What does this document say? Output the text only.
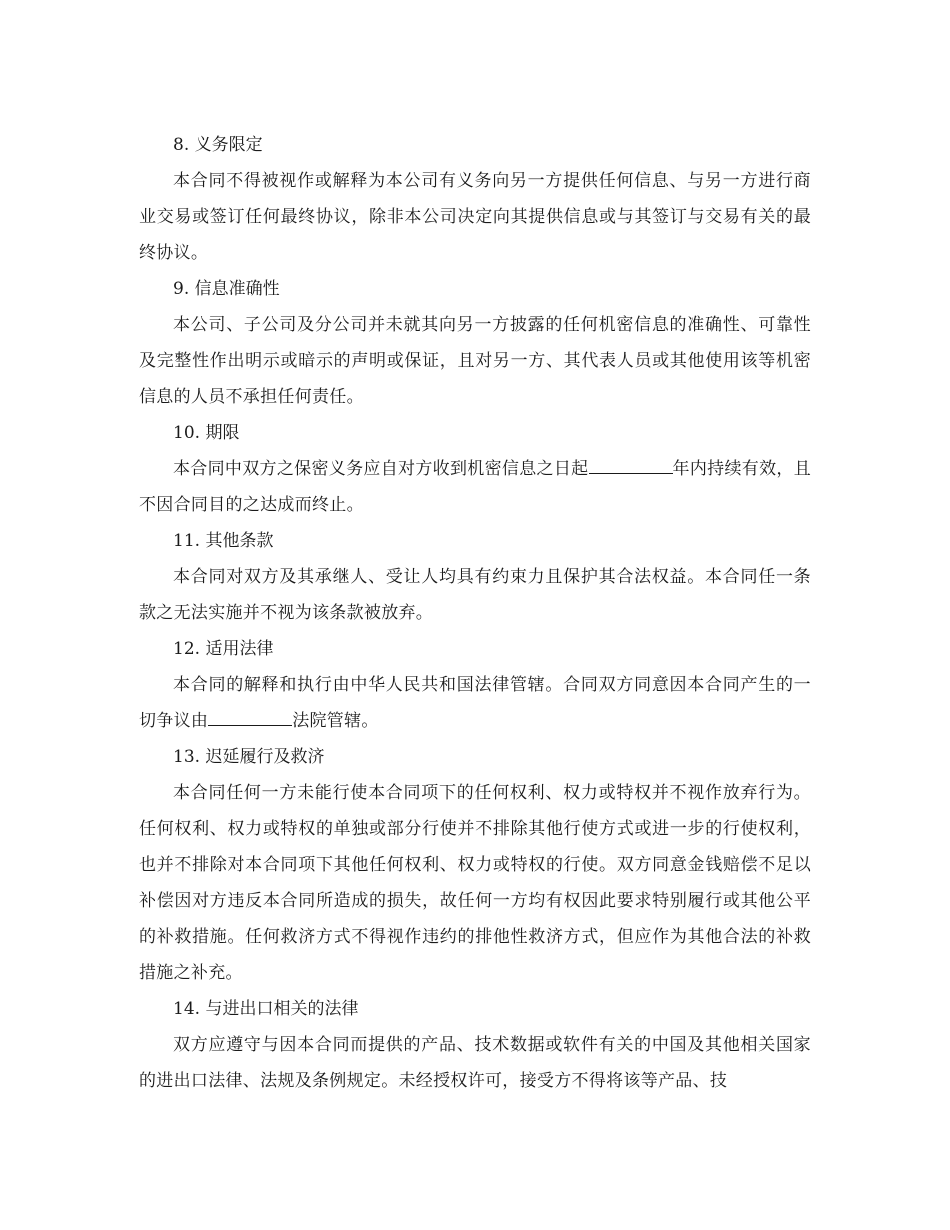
8. 义务限定

本合同不得被视作或解释为本公司有义务向另一方提供任何信息、与另一方进行商业交易或签订任何最终协议，除非本公司决定向其提供信息或与其签订与交易有关的最终协议。

9. 信息准确性

本公司、子公司及分公司并未就其向另一方披露的任何机密信息的准确性、可靠性及完整性作出明示或暗示的声明或保证，且对另一方、其代表人员或其他使用该等机密信息的人员不承担任何责任。

10. 期限

本合同中双方之保密义务应自对方收到机密信息之日起	年内持续有效，且不因合同目的之达成而终止。

11. 其他条款

本合同对双方及其承继人、受让人均具有约束力且保护其合法权益。本合同任一条款之无法实施并不视为该条款被放弃。

12. 适用法律

本合同的解释和执行由中华人民共和国法律管辖。合同双方同意因本合同产生的一切争议由	法院管辖。

13. 迟延履行及救济

本合同任何一方未能行使本合同项下的任何权利、权力或特权并不视作放弃行为。任何权利、权力或特权的单独或部分行使并不排除其他行使方式或进一步的行使权利，也并不排除对本合同项下其他任何权利、权力或特权的行使。双方同意金钱赔偿不足以补偿因对方违反本合同所造成的损失，故任何一方均有权因此要求特别履行或其他公平的补救措施。任何救济方式不得视作违约的排他性救济方式，但应作为其他合法的补救措施之补充。

14. 与进出口相关的法律

双方应遵守与因本合同而提供的产品、技术数据或软件有关的中国及其他相关国家的进出口法律、法规及条例规定。未经授权许可，接受方不得将该等产品、技
